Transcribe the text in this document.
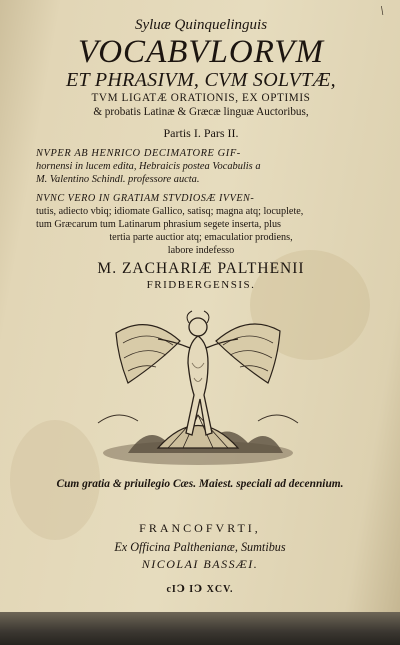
\
Syluæ Quinquelinguis
VOCABVLORVM
ET PHRASIVM, CVM SOLVTÆ,
TVM LIGATÆ ORATIONIS, EX OPTIMIS
& probatis Latinæ & Græcæ linguæ Auctoribus,
Partis I. Pars II.
NVPER AB HENRICO DECIMATORE GIF-
hornensi in lucem edita, Hebraicis postea Vocabulis a
M. Valentino Schindl. professore aucta.
NVNC VERO IN GRATIAM STVDIOSÆ IVVEN-
tutis, adiecto vbiq; idiomate Gallico, satisq; magna atq; locuplete,
tum Græcarum tum Latinarum phrasium segete inserta, plus
tertia parte auctior atq; emaculatior prodiens,
labore indefesso
M. ZACHARIÆ PALTHENII
FRIDBERGENSIS.
Cum gratia & priuilegio Cæs. Maiest. speciali ad decennium.
FRANCOFVRTI,
Ex Officina Palthenianæ, Sumtibus
NICOLAI BASSÆI.
cIↃ IↃ XCV.
